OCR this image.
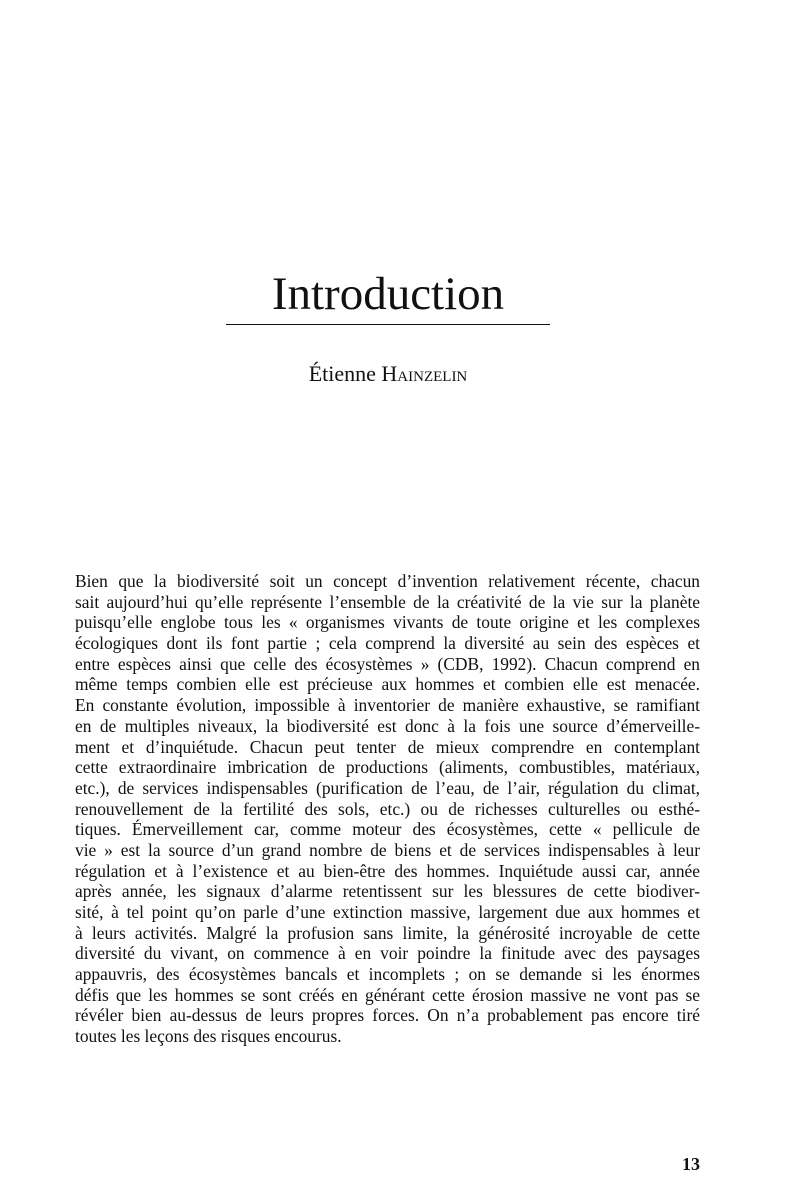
Introduction
Étienne Hainzelin
Bien que la biodiversité soit un concept d’invention relativement récente, chacun
sait aujourd’hui qu’elle représente l’ensemble de la créativité de la vie sur la planète
puisqu’elle englobe tous les « organismes vivants de toute origine et les complexes
écologiques dont ils font partie ; cela comprend la diversité au sein des espèces et
entre espèces ainsi que celle des écosystèmes » (CDB, 1992). Chacun comprend en
même temps combien elle est précieuse aux hommes et combien elle est menacée.
En constante évolution, impossible à inventorier de manière exhaustive, se ramifiant
en de multiples niveaux, la biodiversité est donc à la fois une source d’émerveille-
ment et d’inquiétude. Chacun peut tenter de mieux comprendre en contemplant
cette extraordinaire imbrication de productions (aliments, combustibles, matériaux,
etc.), de services indispensables (purification de l’eau, de l’air, régulation du climat,
renouvellement de la fertilité des sols, etc.) ou de richesses culturelles ou esthé-
tiques. Émerveillement car, comme moteur des écosystèmes, cette « pellicule de
vie » est la source d’un grand nombre de biens et de services indispensables à leur
régulation et à l’existence et au bien-être des hommes. Inquiétude aussi car, année
après année, les signaux d’alarme retentissent sur les blessures de cette biodiver-
sité, à tel point qu’on parle d’une extinction massive, largement due aux hommes et
à leurs activités. Malgré la profusion sans limite, la générosité incroyable de cette
diversité du vivant, on commence à en voir poindre la finitude avec des paysages
appauvris, des écosystèmes bancals et incomplets ; on se demande si les énormes
défis que les hommes se sont créés en générant cette érosion massive ne vont pas se
révéler bien au-dessus de leurs propres forces. On n’a probablement pas encore tiré
toutes les leçons des risques encourus.
13
